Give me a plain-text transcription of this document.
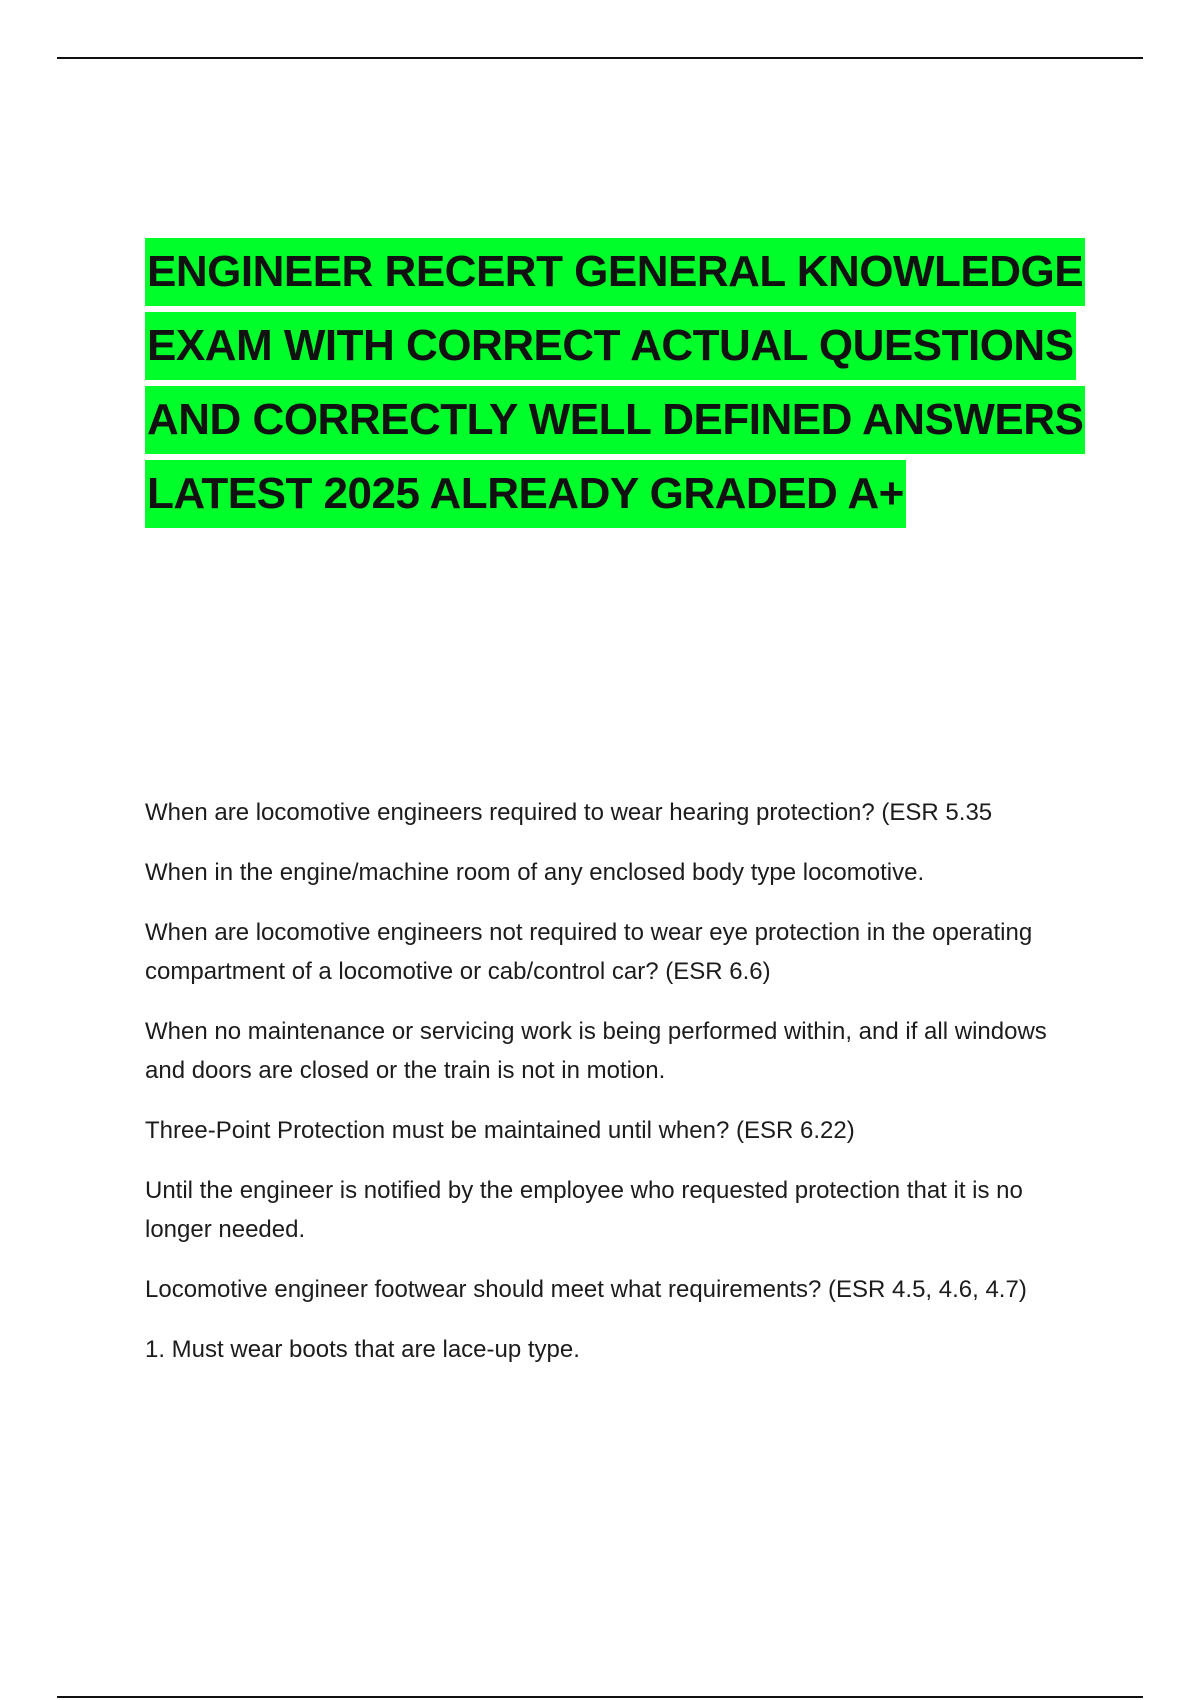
ENGINEER RECERT GENERAL KNOWLEDGE
EXAM WITH CORRECT ACTUAL QUESTIONS
AND CORRECTLY WELL DEFINED ANSWERS
LATEST 2025 ALREADY GRADED A+

When are locomotive engineers required to wear hearing protection? (ESR 5.35

When in the engine/machine room of any enclosed body type locomotive.

When are locomotive engineers not required to wear eye protection in the operating compartment of a locomotive or cab/control car? (ESR 6.6)

When no maintenance or servicing work is being performed within, and if all windows and doors are closed or the train is not in motion.

Three-Point Protection must be maintained until when? (ESR 6.22)

Until the engineer is notified by the employee who requested protection that it is no longer needed.

Locomotive engineer footwear should meet what requirements? (ESR 4.5, 4.6, 4.7)

1. Must wear boots that are lace-up type.
